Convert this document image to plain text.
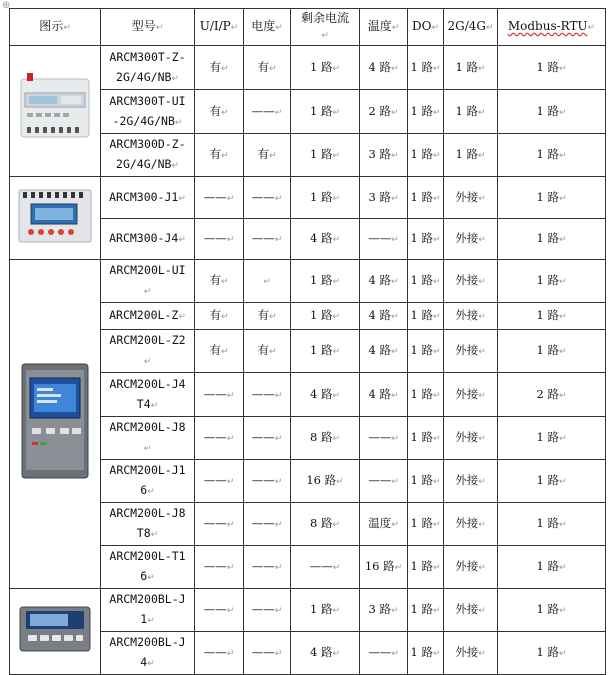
⊕
图示↵	型号↵	U/I/P↵	电度↵	剩余电流↵	温度↵	DO↵	2G/4G↵	Modbus-RTU↵

	ARCM300T-Z-2G/4G/NB↵	有↵	有↵	1 路↵	4 路↵	1 路↵	1 路↵	1 路↵
	ARCM300T-UI-2G/4G/NB↵	有↵	——↵	1 路↵	2 路↵	1 路↵	1 路↵	1 路↵
	ARCM300D-Z-2G/4G/NB↵	有↵	有↵	1 路↵	3 路↵	1 路↵	1 路↵	1 路↵

	ARCM300-J1↵	——↵	——↵	1 路↵	3 路↵	1 路↵	外接↵	1 路↵
	ARCM300-J4↵	——↵	——↵	4 路↵	——↵	1 路↵	外接↵	1 路↵

	ARCM200L-UI↵	有↵	↵	1 路↵	4 路↵	1 路↵	外接↵	1 路↵
	ARCM200L-Z↵	有↵	有↵	1 路↵	4 路↵	1 路↵	外接↵	1 路↵
	ARCM200L-Z2↵	有↵	有↵	1 路↵	4 路↵	1 路↵	外接↵	1 路↵
	ARCM200L-J4T4↵	——↵	——↵	4 路↵	4 路↵	1 路↵	外接↵	2 路↵
	ARCM200L-J8↵	——↵	——↵	8 路↵	——↵	1 路↵	外接↵	1 路↵
	ARCM200L-J16↵	——↵	——↵	16 路↵	——↵	1 路↵	外接↵	1 路↵
	ARCM200L-J8T8↵	——↵	——↵	8 路↵	温度↵	1 路↵	外接↵	1 路↵
	ARCM200L-T16↵	——↵	——↵	——↵	16 路↵	1 路↵	外接↵	1 路↵

	ARCM200BL-J1↵	——↵	——↵	1 路↵	3 路↵	1 路↵	外接↵	1 路↵
	ARCM200BL-J4↵	——↵	——↵	4 路↵	——↵	1 路↵	外接↵	1 路↵
